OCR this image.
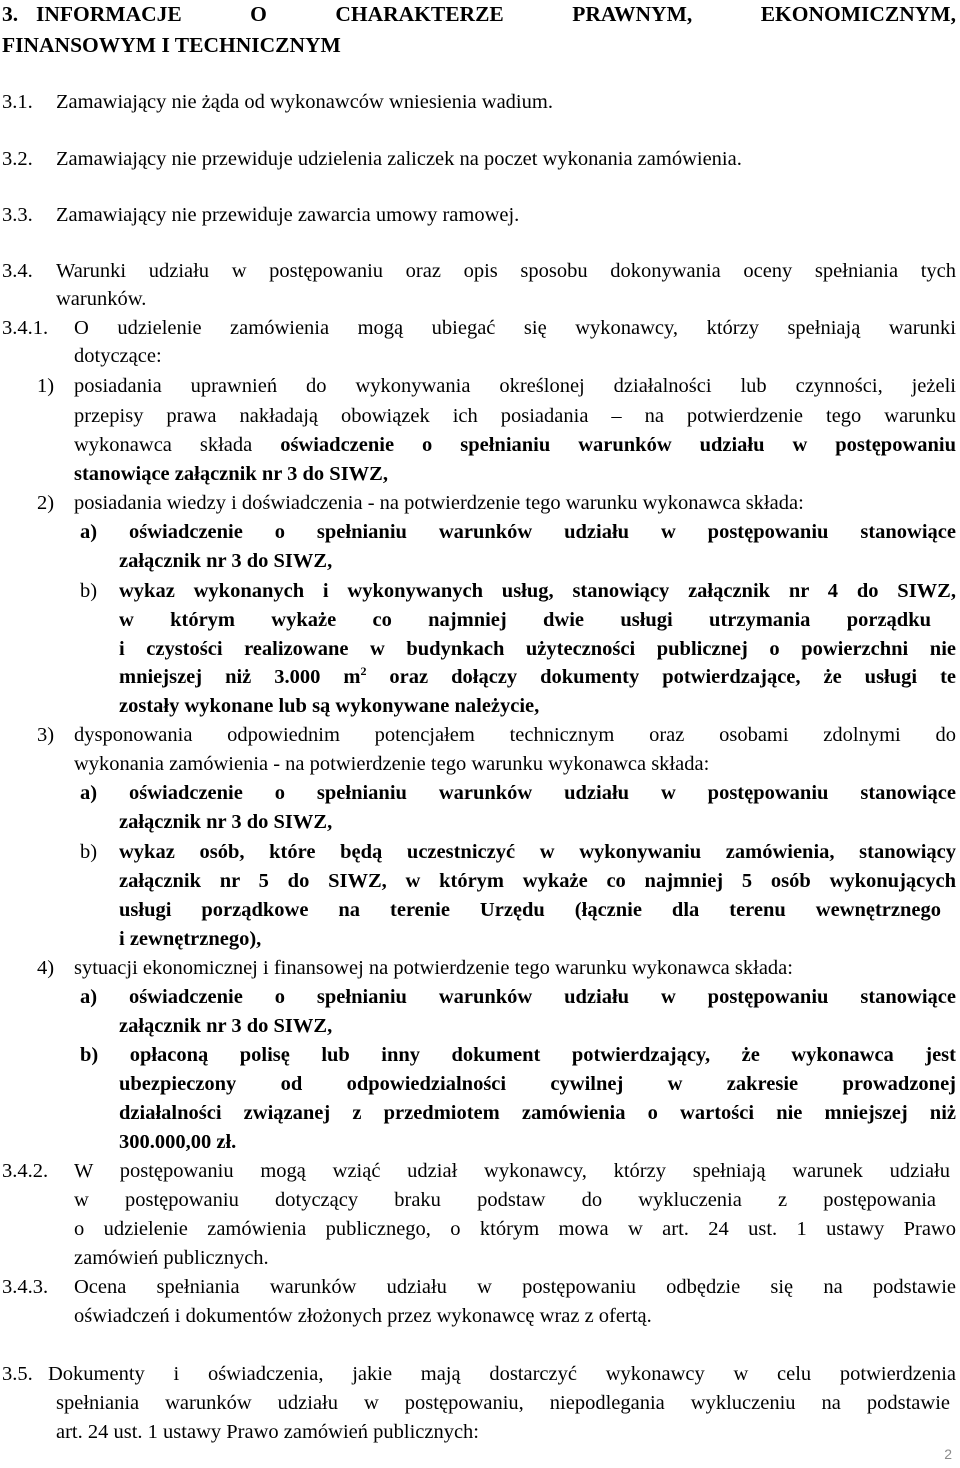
3. INFORMACJE	O	CHARAKTERZE	PRAWNYM,	EKONOMICZNYM,
FINANSOWYM I TECHNICZNYM
3.1. Zamawiający nie żąda od wykonawców wniesienia wadium.
3.2. Zamawiający nie przewiduje udzielenia zaliczek na poczet wykonania zamówienia.
3.3. Zamawiający nie przewiduje zawarcia umowy ramowej.
3.4. Warunki udziału w postępowaniu oraz opis sposobu dokonywania oceny spełniania tych
warunków.
3.4.1. O udzielenie zamówienia mogą ubiegać się wykonawcy, którzy spełniają warunki
dotyczące:
1) posiadania uprawnień do wykonywania określonej działalności lub czynności, jeżeli
przepisy prawa nakładają obowiązek ich posiadania – na potwierdzenie tego warunku
wykonawca składa oświadczenie o spełnianiu warunków udziału w postępowaniu
stanowiące załącznik nr 3 do SIWZ,
2) posiadania wiedzy i doświadczenia - na potwierdzenie tego warunku wykonawca składa:
a) oświadczenie o spełnianiu warunków udziału w postępowaniu stanowiące
załącznik nr 3 do SIWZ,
b) wykaz wykonanych i wykonywanych usług, stanowiący załącznik nr 4 do SIWZ,
w którym wykaże co najmniej dwie usługi utrzymania porządku
i czystości realizowane w budynkach użyteczności publicznej o powierzchni nie
mniejszej niż 3.000 $m^2$ oraz dołączy dokumenty potwierdzające, że usługi te
zostały wykonane lub są wykonywane należycie,
3) dysponowania odpowiednim potencjałem technicznym oraz osobami zdolnymi do
wykonania zamówienia - na potwierdzenie tego warunku wykonawca składa:
a) oświadczenie o spełnianiu warunków udziału w postępowaniu stanowiące
załącznik nr 3 do SIWZ,
b) wykaz osób, które będą uczestniczyć w wykonywaniu zamówienia, stanowiący
załącznik nr 5 do SIWZ, w którym wykaże co najmniej 5 osób wykonujących
usługi porządkowe na terenie Urzędu (łącznie dla terenu wewnętrznego
i zewnętrznego),
4) sytuacji ekonomicznej i finansowej na potwierdzenie tego warunku wykonawca składa:
a) oświadczenie o spełnianiu warunków udziału w postępowaniu stanowiące
załącznik nr 3 do SIWZ,
b) opłaconą polisę lub inny dokument potwierdzający, że wykonawca jest
ubezpieczony od odpowiedzialności cywilnej w zakresie prowadzonej
działalności związanej z przedmiotem zamówienia o wartości nie mniejszej niż
300.000,00 zł.
3.4.2. W postępowaniu mogą wziąć udział wykonawcy, którzy spełniają warunek udziału
w postępowaniu dotyczący braku podstaw do wykluczenia z postępowania
o udzielenie zamówienia publicznego, o którym mowa w art. 24 ust. 1 ustawy Prawo
zamówień publicznych.
3.4.3. Ocena spełniania warunków udziału w postępowaniu odbędzie się na podstawie
oświadczeń i dokumentów złożonych przez wykonawcę wraz z ofertą.
3.5. Dokumenty i oświadczenia, jakie mają dostarczyć wykonawcy w celu potwierdzenia
spełniania warunków udziału w postępowaniu, niepodlegania wykluczeniu na podstawie
art. 24 ust. 1 ustawy Prawo zamówień publicznych:
2
